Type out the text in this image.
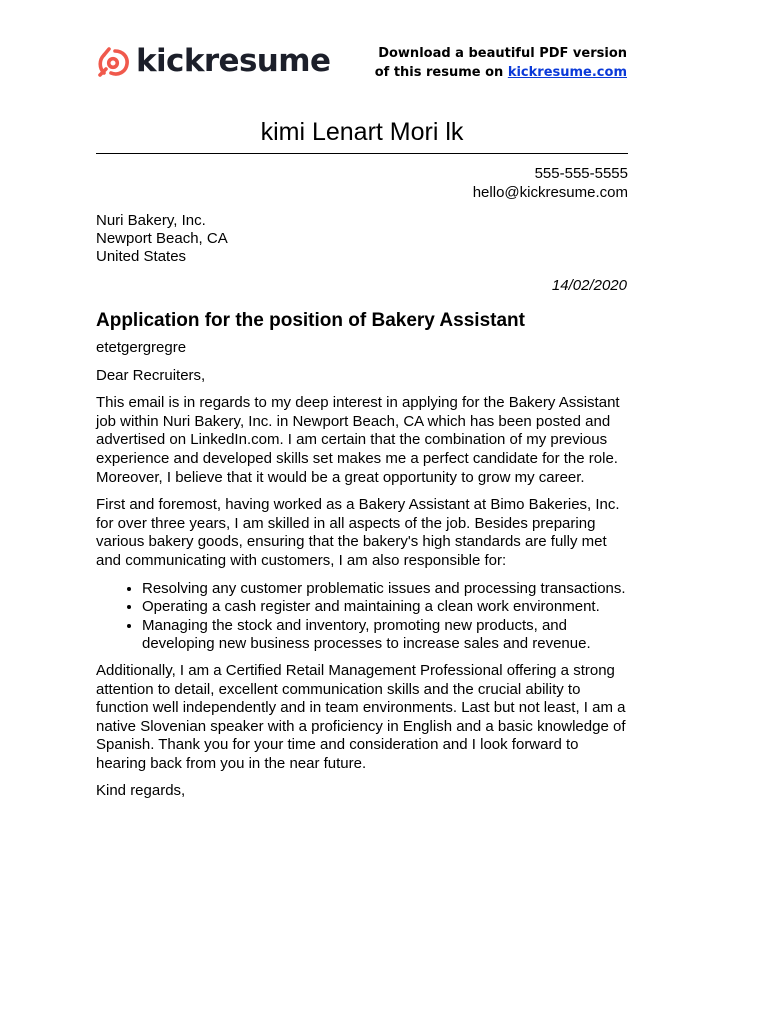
kickresume	Download a beautiful PDF version
of this resume on kickresume.com
kimi Lenart Mori lk
555-555-5555
hello@kickresume.com
Nuri Bakery, Inc.
Newport Beach, CA
United States
14/02/2020
Application for the position of Bakery Assistant

etetgergregre

Dear Recruiters,

This email is in regards to my deep interest in applying for the Bakery Assistant job within Nuri Bakery, Inc. in Newport Beach, CA which has been posted and advertised on LinkedIn.com. I am certain that the combination of my previous experience and developed skills set makes me a perfect candidate for the role. Moreover, I believe that it would be a great opportunity to grow my career.

First and foremost, having worked as a Bakery Assistant at Bimo Bakeries, Inc. for over three years, I am skilled in all aspects of the job. Besides preparing various bakery goods, ensuring that the bakery's high standards are fully met and communicating with customers, I am also responsible for:

• Resolving any customer problematic issues and processing transactions.
• Operating a cash register and maintaining a clean work environment.
• Managing the stock and inventory, promoting new products, and developing new business processes to increase sales and revenue.

Additionally, I am a Certified Retail Management Professional offering a strong attention to detail, excellent communication skills and the crucial ability to function well independently and in team environments. Last but not least, I am a native Slovenian speaker with a proficiency in English and a basic knowledge of Spanish. Thank you for your time and consideration and I look forward to hearing back from you in the near future.

Kind regards,
